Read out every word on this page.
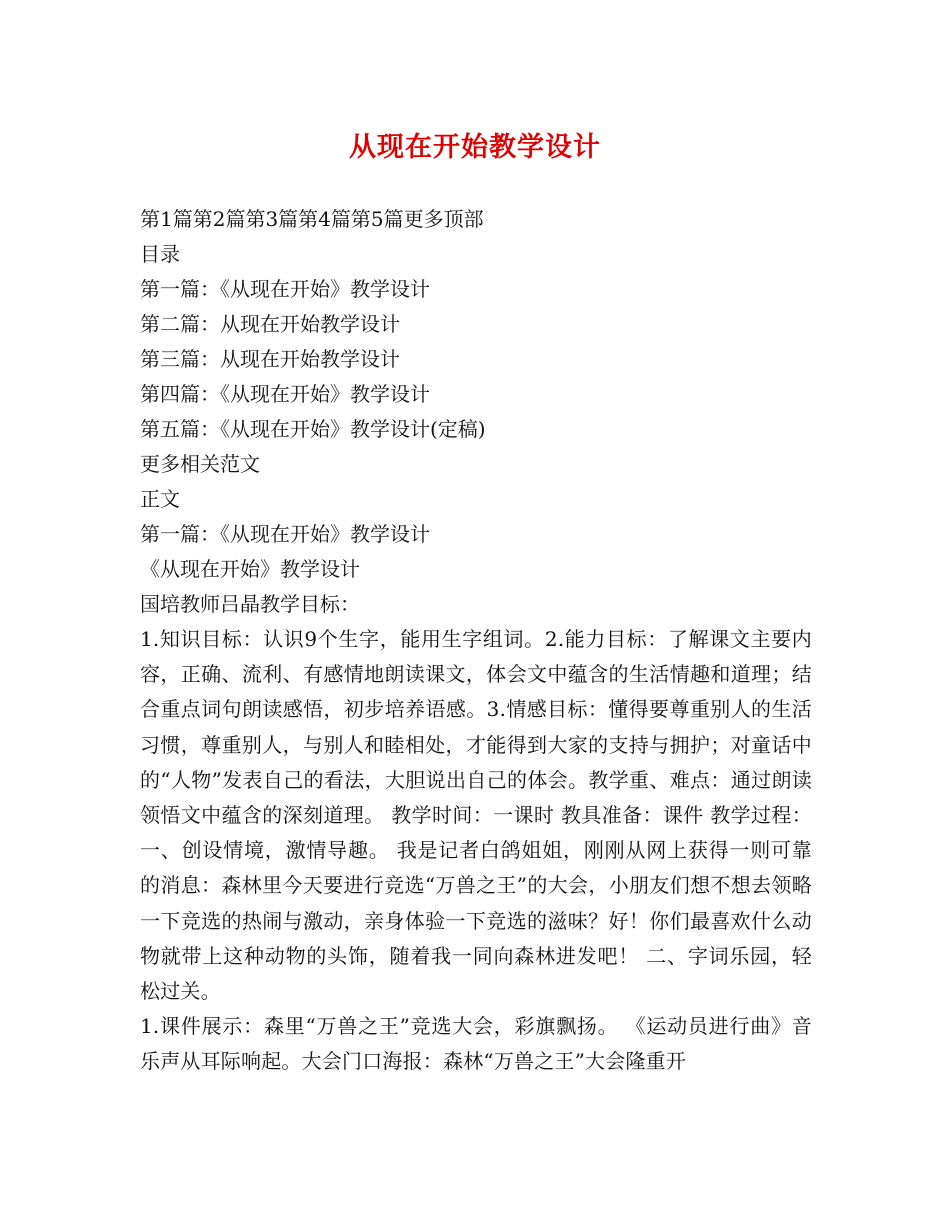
从现在开始教学设计
第1篇第2篇第3篇第4篇第5篇更多顶部
目录
第一篇：《从现在开始》教学设计
第二篇：从现在开始教学设计
第三篇：从现在开始教学设计
第四篇：《从现在开始》教学设计
第五篇：《从现在开始》教学设计(定稿)
更多相关范文
正文
第一篇：《从现在开始》教学设计
《从现在开始》教学设计
国培教师吕晶教学目标：
1.知识目标：认识9个生字，能用生字组词。2.能力目标：了解课文主要内容，正确、流利、有感情地朗读课文，体会文中蕴含的生活情趣和道理；结合重点词句朗读感悟，初步培养语感。3.情感目标：懂得要尊重别人的生活习惯，尊重别人，与别人和睦相处，才能得到大家的支持与拥护；对童话中的“人物”发表自己的看法，大胆说出自己的体会。教学重、难点：通过朗读领悟文中蕴含的深刻道理。 教学时间：一课时 教具准备：课件 教学过程： 一、创设情境，激情导趣。 我是记者白鸽姐姐，刚刚从网上获得一则可靠的消息：森林里今天要进行竞选“万兽之王”的大会，小朋友们想不想去领略一下竞选的热闹与激动，亲身体验一下竞选的滋味？好！你们最喜欢什么动物就带上这种动物的头饰，随着我一同向森林进发吧！ 二、字词乐园，轻松过关。
1.课件展示：森里“万兽之王”竞选大会，彩旗飘扬。 《运动员进行曲》音乐声从耳际响起。大会门口海报：森林“万兽之王”大会隆重开
